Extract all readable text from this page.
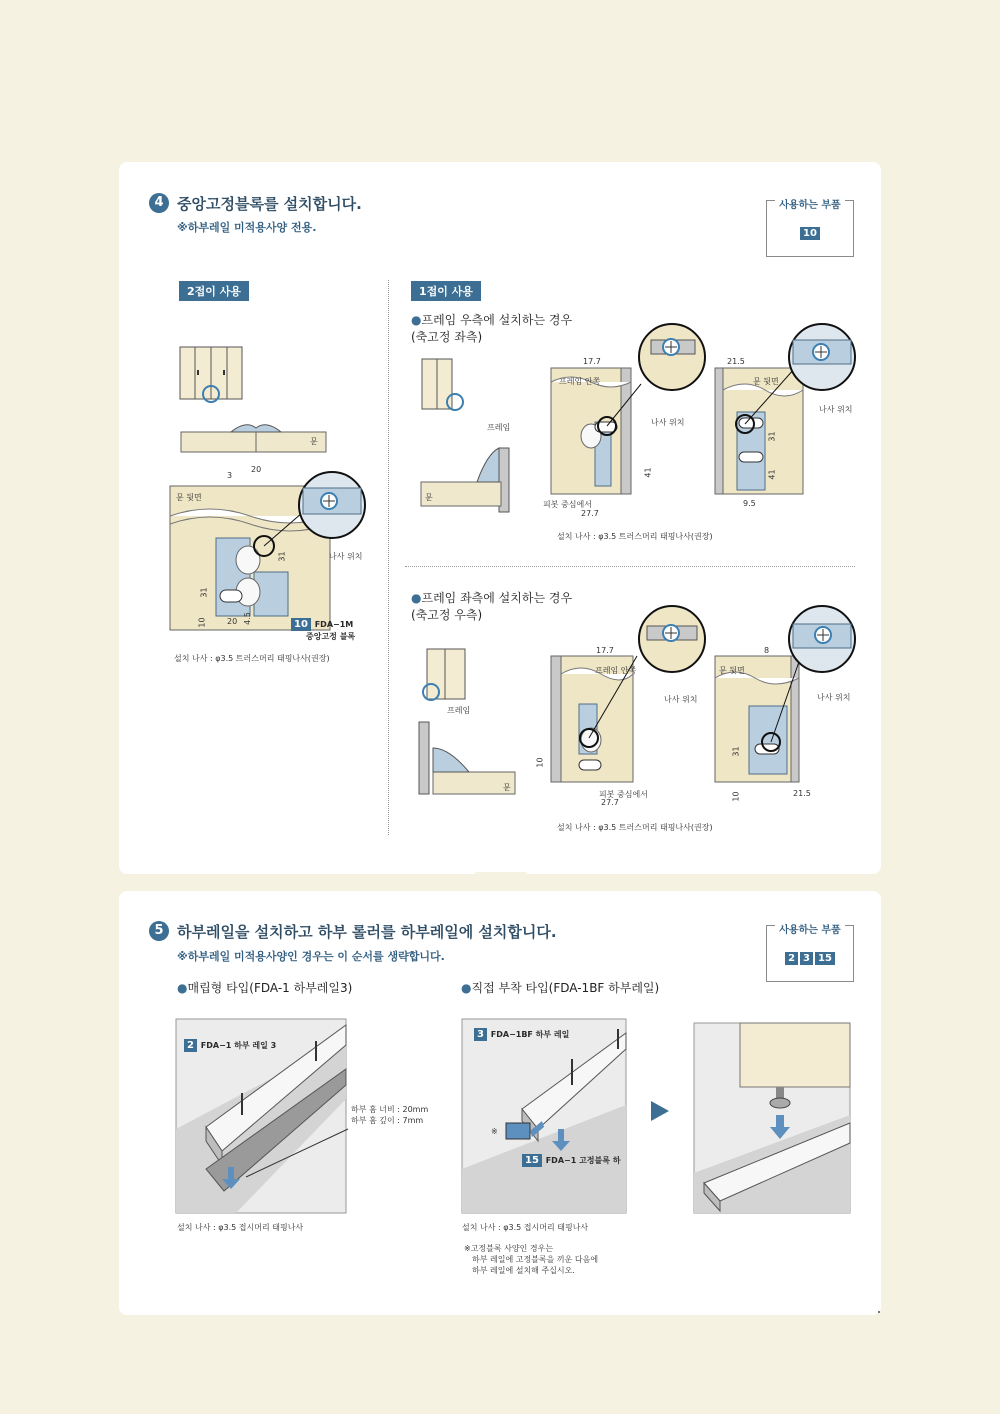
4 중앙고정블록를 설치합니다.
※하부레일 미적용사양 전용.
사용하는 부품
10
2접이 사용
문
문 뒷면
3
20
31
31
10	20 4.5
나사 위치
10 FDA−1M
중앙고정 블록
설치 나사 : φ3.5 트러스머리 태핑나사(권장)
1접이 사용
●프레임 우측에 설치하는 경우
(축고정 좌측)
프레임
문
프레임 안쪽
나사 위치
17.7
41
피봇 중심에서
27.7
문 뒷면
나사 위치
21.5
31
41
9.5
설치 나사 : φ3.5 트러스머리 태핑나사(권장)
●프레임 좌측에 설치하는 경우
(축고정 우측)
프레임
문
프레임 안쪽
나사 위치
17.7
10
피봇 중심에서
27.7
문 뒷면
나사 위치
8
31
10	21.5
설치 나사 : φ3.5 트러스머리 태핑나사(권장)
5 하부레일을 설치하고 하부 롤러를 하부레일에 설치합니다.
※하부레일 미적용사양인 경우는 이 순서를 생략합니다.
사용하는 부품
2 3 15
●매립형 타입(FDA-1 하부레일3)	●직접 부착 타입(FDA-1BF 하부레일)
2 FDA−1 하부 레일 3
하부 홈 너비 : 20mm
하부 홈 깊이 : 7mm
설치 나사 : φ3.5 접시머리 태핑나사
3 FDA−1BF 하부 레일
※
15 FDA−1 고정블록 하
설치 나사 : φ3.5 접시머리 태핑나사
※고정블록 사양인 경우는
하부 레일에 고정블록을 끼운 다음에
하부 레일에 설치해 주십시오.
